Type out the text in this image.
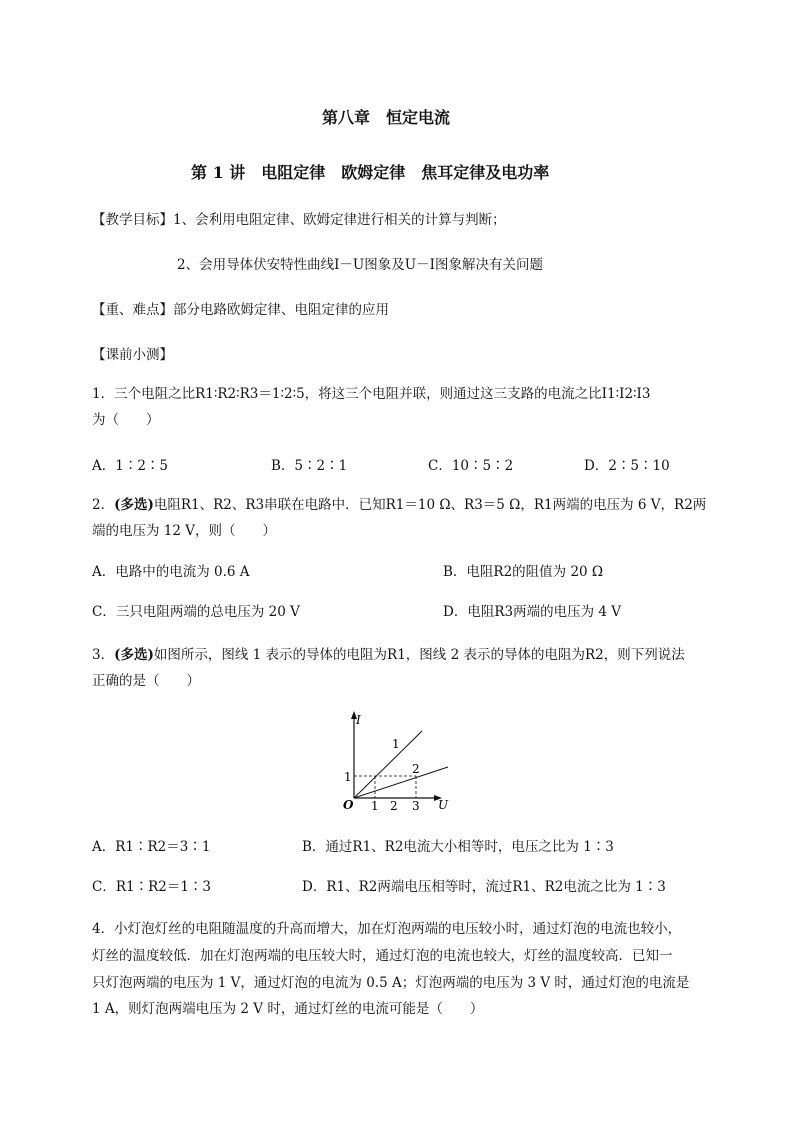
第八章　恒定电流
第 1 讲　电阻定律　欧姆定律　焦耳定律及电功率
【教学目标】1、会利用电阻定律、欧姆定律进行相关的计算与判断；
2、会用导体伏安特性曲线I－U图象及U－I图象解决有关问题
【重、难点】部分电路欧姆定律、电阻定律的应用
【课前小测】
1．三个电阻之比R1∶R2∶R3＝1∶2∶5，将这三个电阻并联，则通过这三支路的电流之比I1∶I2∶I3
为（　　）
A．1∶2∶5	B．5∶2∶1	C．10∶5∶2	D．2∶5∶10
2．(多选)电阻R1、R2、R3串联在电路中．已知R1＝10 Ω、R3＝5 Ω，R1两端的电压为 6 V，R2两
端的电压为 12 V，则（　　）
A．电路中的电流为 0.6 A	B．电阻R2的阻值为 20 Ω
C．三只电阻两端的总电压为 20 V	D．电阻R3两端的电压为 4 V
3．(多选)如图所示，图线 1 表示的导体的电阻为R1，图线 2 表示的导体的电阻为R2，则下列说法
正确的是（　　）
I
U
O 1 2 3
1
1
2
A．R1∶R2＝3∶1	B．通过R1、R2电流大小相等时，电压之比为 1∶3
C．R1∶R2＝1∶3	D．R1、R2两端电压相等时，流过R1、R2电流之比为 1∶3
4．小灯泡灯丝的电阻随温度的升高而增大，加在灯泡两端的电压较小时，通过灯泡的电流也较小，
灯丝的温度较低．加在灯泡两端的电压较大时，通过灯泡的电流也较大，灯丝的温度较高．已知一
只灯泡两端的电压为 1 V，通过灯泡的电流为 0.5 A；灯泡两端的电压为 3 V 时，通过灯泡的电流是
1 A，则灯泡两端电压为 2 V 时，通过灯丝的电流可能是（　　）
